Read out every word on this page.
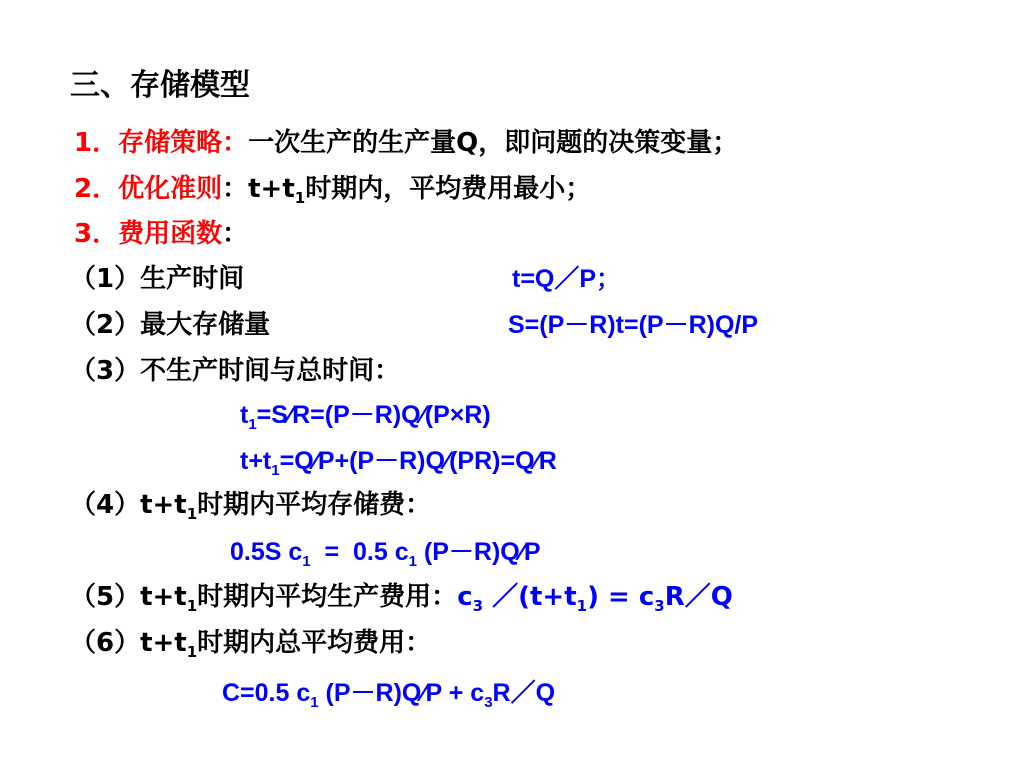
三、存储模型
1．存储策略：一次生产的生产量Q，即问题的决策变量；
2．优化准则：$t+t_1$时期内，平均费用最小；
3．费用函数：
（1）生产时间	t=Q／P；
（2）最大存储量	S=(P－R)t=(P－R)Q/P
（3）不生产时间与总时间：
$t_1=S⁄R=(P-R)Q⁄(P\times R)$
$t+t_1=Q⁄P+(P-R)Q⁄(PR)=Q⁄R$
$(4)t+t_1$时期内平均存储费：
0.5S $c_1 = 0.5$ $c_1$ (P－R)Q⁄P
$(5)t+t_1$时期内平均生产费用：$c_3$ $/(t+t_1)$ = $c_3R/Q$
$(6)t+t_1$时期内总平均费用：
C=0.5 $c_1$ (P－R)Q⁄P + $c_3R/Q$
